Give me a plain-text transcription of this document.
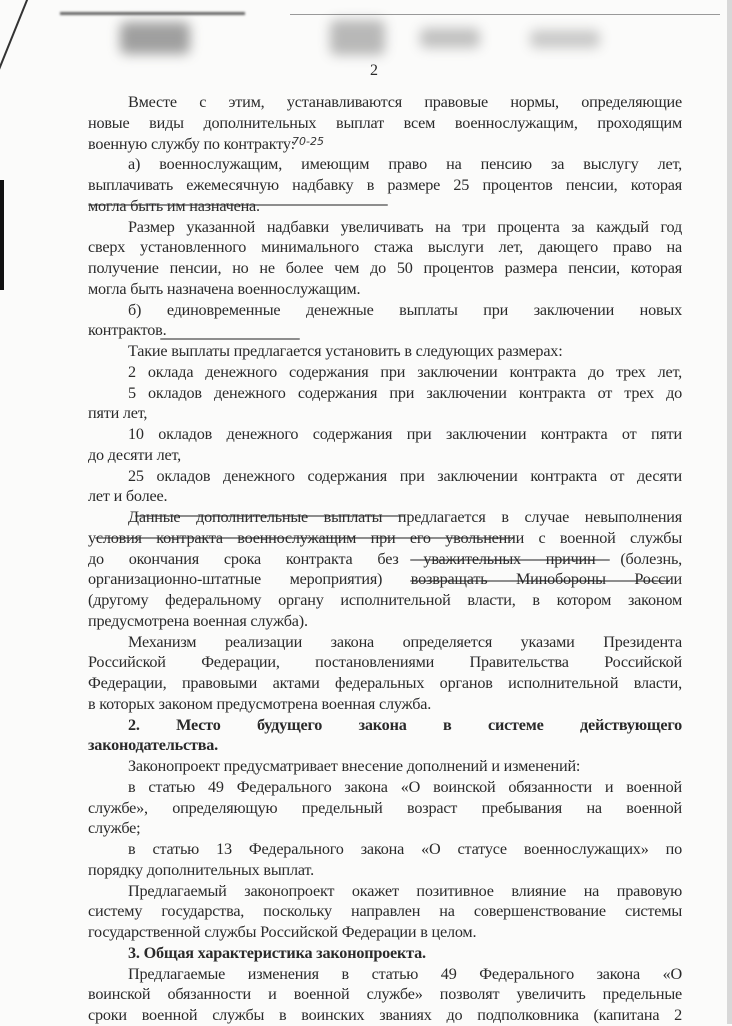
2
70-25
Вместе с этим, устанавливаются правовые нормы, определяющие
новые виды дополнительных выплат всем военнослужащим, проходящим
военную службу по контракту:
а) военнослужащим, имеющим право на пенсию за выслугу лет,
выплачивать ежемесячную надбавку в размере 25 процентов пенсии, которая
могла быть им назначена.
Размер указанной надбавки увеличивать на три процента за каждый год
сверх установленного минимального стажа выслуги лет, дающего право на
получение пенсии, но не более чем до 50 процентов размера пенсии, которая
могла быть назначена военнослужащим.
б) единовременные денежные выплаты при заключении новых
контрактов.
Такие выплаты предлагается установить в следующих размерах:
2 оклада денежного содержания при заключении контракта до трех лет,
5 окладов денежного содержания при заключении контракта от трех до
пяти лет,
10 окладов денежного содержания при заключении контракта от пяти
до десяти лет,
25 окладов денежного содержания при заключении контракта от десяти
лет и более.
Данные дополнительные выплаты предлагается в случае невыполнения
условия контракта военнослужащим при его увольнении с военной службы
до окончания срока контракта без уважительных причин (болезнь,
организационно-штатные мероприятия) возвращать Минобороны России
(другому федеральному органу исполнительной власти, в котором законом
предусмотрена военная служба).
Механизм реализации закона определяется указами Президента
Российской Федерации, постановлениями Правительства Российской
Федерации, правовыми актами федеральных органов исполнительной власти,
в которых законом предусмотрена военная служба.
2. Место будущего закона в системе действующего
законодательства.
Законопроект предусматривает внесение дополнений и изменений:
в статью 49 Федерального закона «О воинской обязанности и военной
службе», определяющую предельный возраст пребывания на военной
службе;
в статью 13 Федерального закона «О статусе военнослужащих» по
порядку дополнительных выплат.
Предлагаемый законопроект окажет позитивное влияние на правовую
систему государства, поскольку направлен на совершенствование системы
государственной службы Российской Федерации в целом.
3. Общая характеристика законопроекта.
Предлагаемые изменения в статью 49 Федерального закона «О
воинской обязанности и военной службе» позволят увеличить предельные
сроки военной службы в воинских званиях до подполковника (капитана 2
